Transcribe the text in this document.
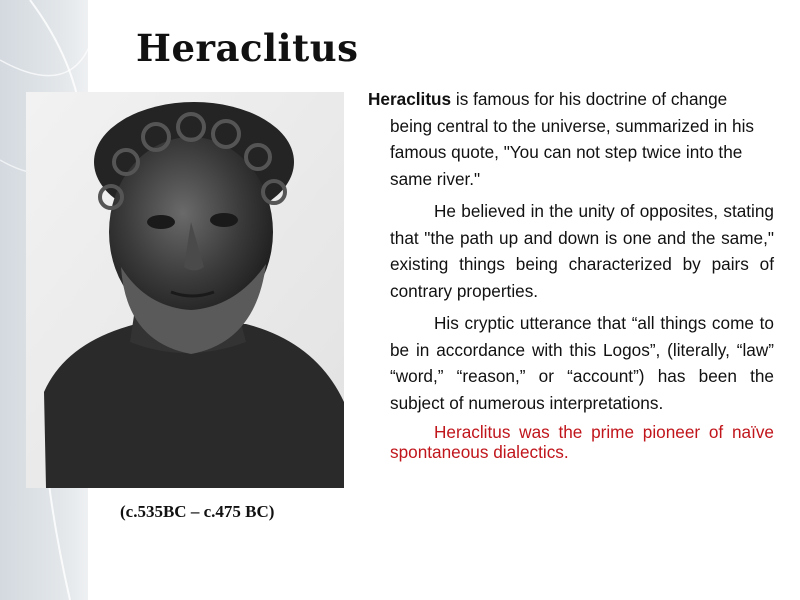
Heraclitus
(c.535BC – c.475 BC)

Heraclitus is famous for his doctrine of change being central to the universe, summarized in his famous quote, "You can not step twice into the same river."

He believed in the unity of opposites, stating that "the path up and down is one and the same," existing things being characterized by pairs of contrary properties.

His cryptic utterance that “all things come to be in accordance with this Logos”, (literally, “law” “word,” “reason,” or “account”) has been the subject of numerous interpretations.

Heraclitus was the prime pioneer of naïve spontaneous dialectics.
